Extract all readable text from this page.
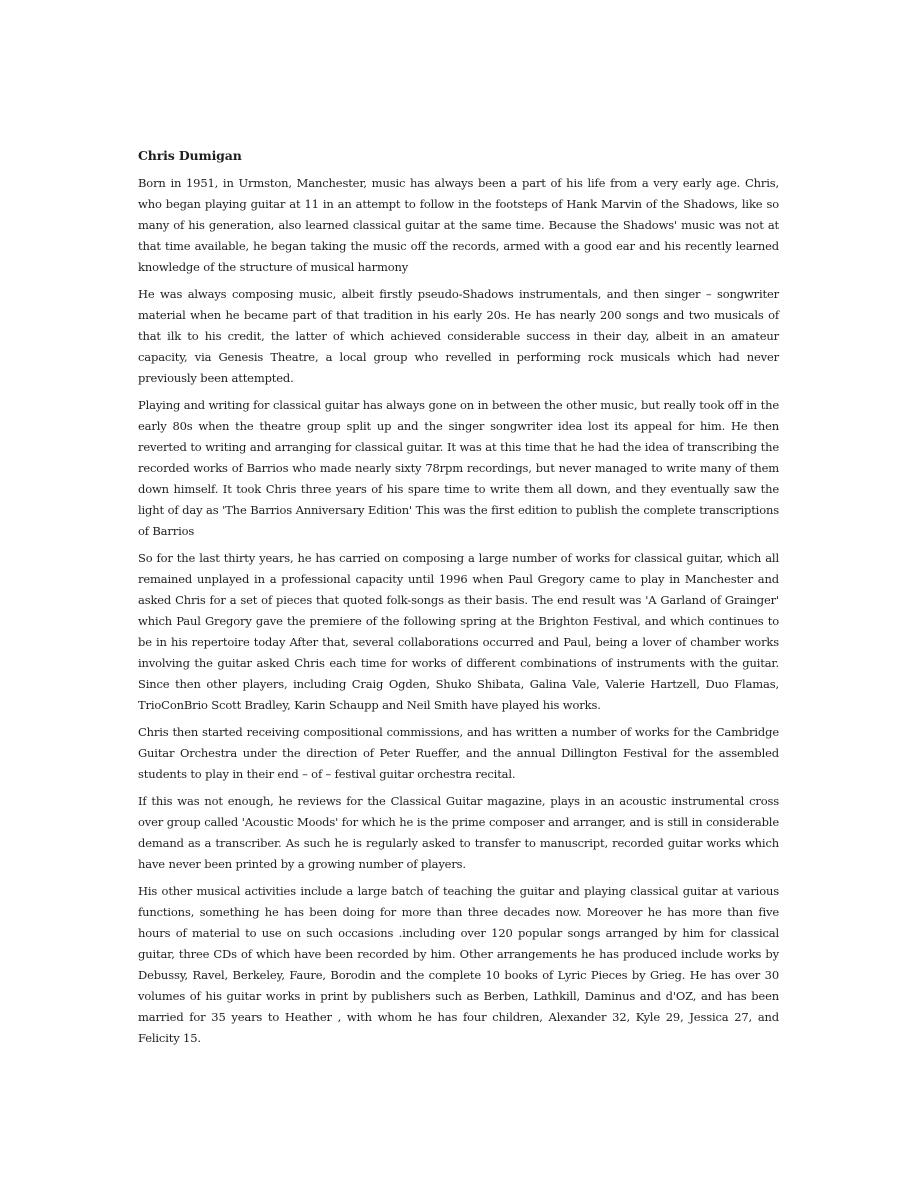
Chris Dumigan

Born in 1951, in Urmston, Manchester, music has always been a part of his life from a very early age. Chris, who began playing guitar at 11 in an attempt to follow in the footsteps of Hank Marvin of the Shadows, like so many of his generation, also learned classical guitar at the same time. Because the Shadows' music was not at that time available, he began taking the music off the records, armed with a good ear and his recently learned knowledge of the structure of musical harmony

He was always composing music, albeit firstly pseudo-Shadows instrumentals, and then singer – songwriter material when he became part of that tradition in his early 20s. He has nearly 200 songs and two musicals of that ilk to his credit, the latter of which achieved considerable success in their day, albeit in an amateur capacity, via Genesis Theatre, a local group who revelled in performing rock musicals which had never previously been attempted.

Playing and writing for classical guitar has always gone on in between the other music, but really took off in the early 80s when the theatre group split up and the singer songwriter idea lost its appeal for him. He then reverted to writing and arranging for classical guitar. It was at this time that he had the idea of transcribing the recorded works of Barrios who made nearly sixty 78rpm recordings, but never managed to write many of them down himself. It took Chris three years of his spare time to write them all down, and they eventually saw the light of day as 'The Barrios Anniversary Edition' This was the first edition to publish the complete transcriptions of Barrios

So for the last thirty years, he has carried on composing a large number of works for classical guitar, which all remained unplayed in a professional capacity until 1996 when Paul Gregory came to play in Manchester and asked Chris for a set of pieces that quoted folk-songs as their basis. The end result was 'A Garland of Grainger' which Paul Gregory gave the premiere of the following spring at the Brighton Festival, and which continues to be in his repertoire today After that, several collaborations occurred and Paul, being a lover of chamber works involving the guitar asked Chris each time for works of different combinations of instruments with the guitar. Since then other players, including Craig Ogden, Shuko Shibata, Galina Vale, Valerie Hartzell, Duo Flamas, TrioConBrio Scott Bradley, Karin Schaupp and Neil Smith have played his works.

Chris then started receiving compositional commissions, and has written a number of works for the Cambridge Guitar Orchestra under the direction of Peter Rueffer, and the annual Dillington Festival for the assembled students to play in their end – of – festival guitar orchestra recital.

If this was not enough, he reviews for the Classical Guitar magazine, plays in an acoustic instrumental cross over group called 'Acoustic Moods' for which he is the prime composer and arranger, and is still in considerable demand as a transcriber. As such he is regularly asked to transfer to manuscript, recorded guitar works which have never been printed by a growing number of players.

His other musical activities include a large batch of teaching the guitar and playing classical guitar at various functions, something he has been doing for more than three decades now. Moreover he has more than five hours of material to use on such occasions .including over 120 popular songs arranged by him for classical guitar, three CDs of which have been recorded by him. Other arrangements he has produced include works by Debussy, Ravel, Berkeley, Faure, Borodin and the complete 10 books of Lyric Pieces by Grieg. He has over 30 volumes of his guitar works in print by publishers such as Berben, Lathkill, Daminus and d'OZ, and has been married for 35 years to Heather , with whom he has four children, Alexander 32, Kyle 29, Jessica 27, and Felicity 15.
